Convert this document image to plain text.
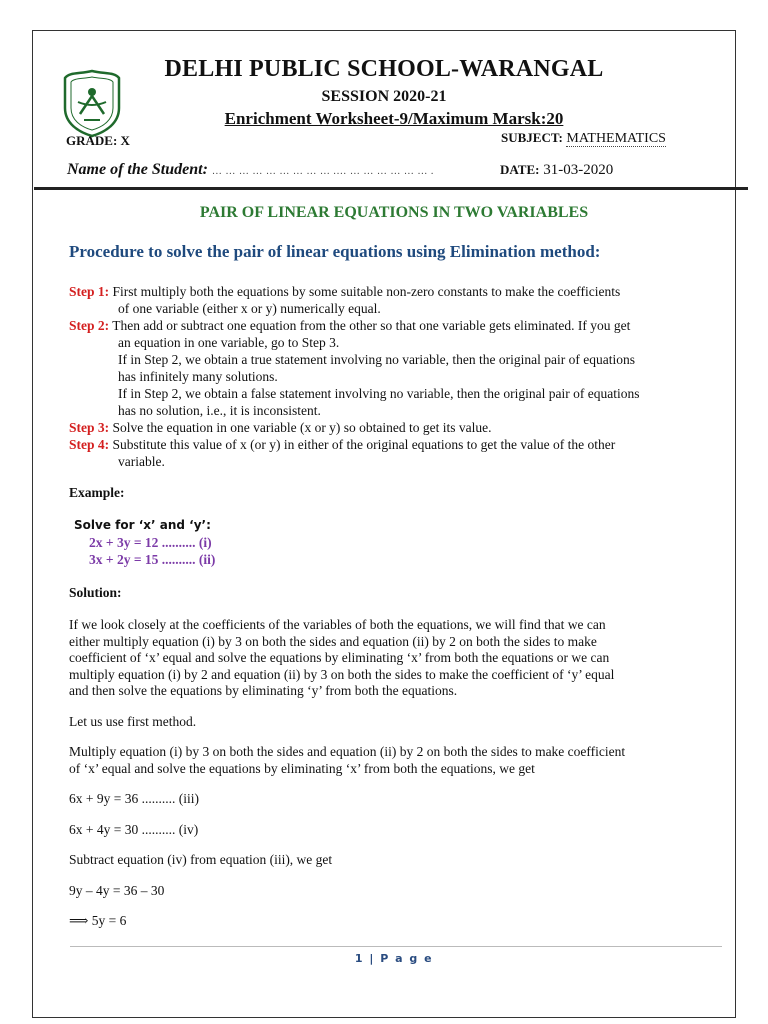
DELHI PUBLIC SCHOOL-WARANGAL
SESSION 2020-21
Enrichment Worksheet-9/Maximum Marsk:20
GRADE: X	SUBJECT: MATHEMATICS
Name of the Student: … … … … … … … … … .… … … … … … … .	DATE: 31-03-2020
PAIR OF LINEAR EQUATIONS IN TWO VARIABLES
Procedure to solve the pair of linear equations using Elimination method:

Step 1: First multiply both the equations by some suitable non-zero constants to make the coefficients
of one variable (either x or y) numerically equal.

Step 2: Then add or subtract one equation from the other so that one variable gets eliminated. If you get
an equation in one variable, go to Step 3.
If in Step 2, we obtain a true statement involving no variable, then the original pair of equations
has infinitely many solutions.
If in Step 2, we obtain a false statement involving no variable, then the original pair of equations
has no solution, i.e., it is inconsistent.

Step 3: Solve the equation in one variable (x or y) so obtained to get its value.

Step 4: Substitute this value of x (or y) in either of the original equations to get the value of the other
variable.

Example:

Solve for ‘x’ and ‘y’:

2x + 3y = 12 .......... (i)

3x + 2y = 15 .......... (ii)

Solution:

If we look closely at the coefficients of the variables of both the equations, we will find that we can

either multiply equation (i) by 3 on both the sides and equation (ii) by 2 on both the sides to make

coefficient of ‘x’ equal and solve the equations by eliminating ‘x’ from both the equations or we can

multiply equation (i) by 2 and equation (ii) by 3 on both the sides to make the coefficient of ‘y’ equal

and then solve the equations by eliminating ‘y’ from both the equations.

Let us use first method.

Multiply equation (i) by 3 on both the sides and equation (ii) by 2 on both the sides to make coefficient

of ‘x’ equal and solve the equations by eliminating ‘x’ from both the equations, we get

6x + 9y = 36 .......... (iii)

6x + 4y = 30 .......... (iv)

Subtract equation (iv) from equation (iii), we get

9y – 4y = 36 – 30

⟹ 5y = 6

1 | P a g e
